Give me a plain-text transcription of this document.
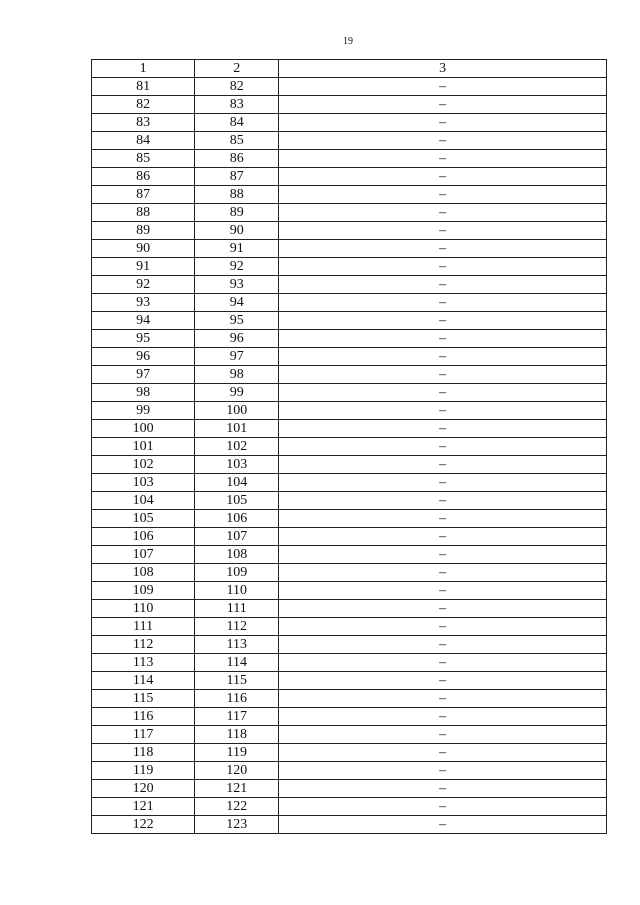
19
1	2	3
81	82	–
82	83	–
83	84	–
84	85	–
85	86	–
86	87	–
87	88	–
88	89	–
89	90	–
90	91	–
91	92	–
92	93	–
93	94	–
94	95	–
95	96	–
96	97	–
97	98	–
98	99	–
99	100	–
100	101	–
101	102	–
102	103	–
103	104	–
104	105	–
105	106	–
106	107	–
107	108	–
108	109	–
109	110	–
110	111	–
111	112	–
112	113	–
113	114	–
114	115	–
115	116	–
116	117	–
117	118	–
118	119	–
119	120	–
120	121	–
121	122	–
122	123	–
